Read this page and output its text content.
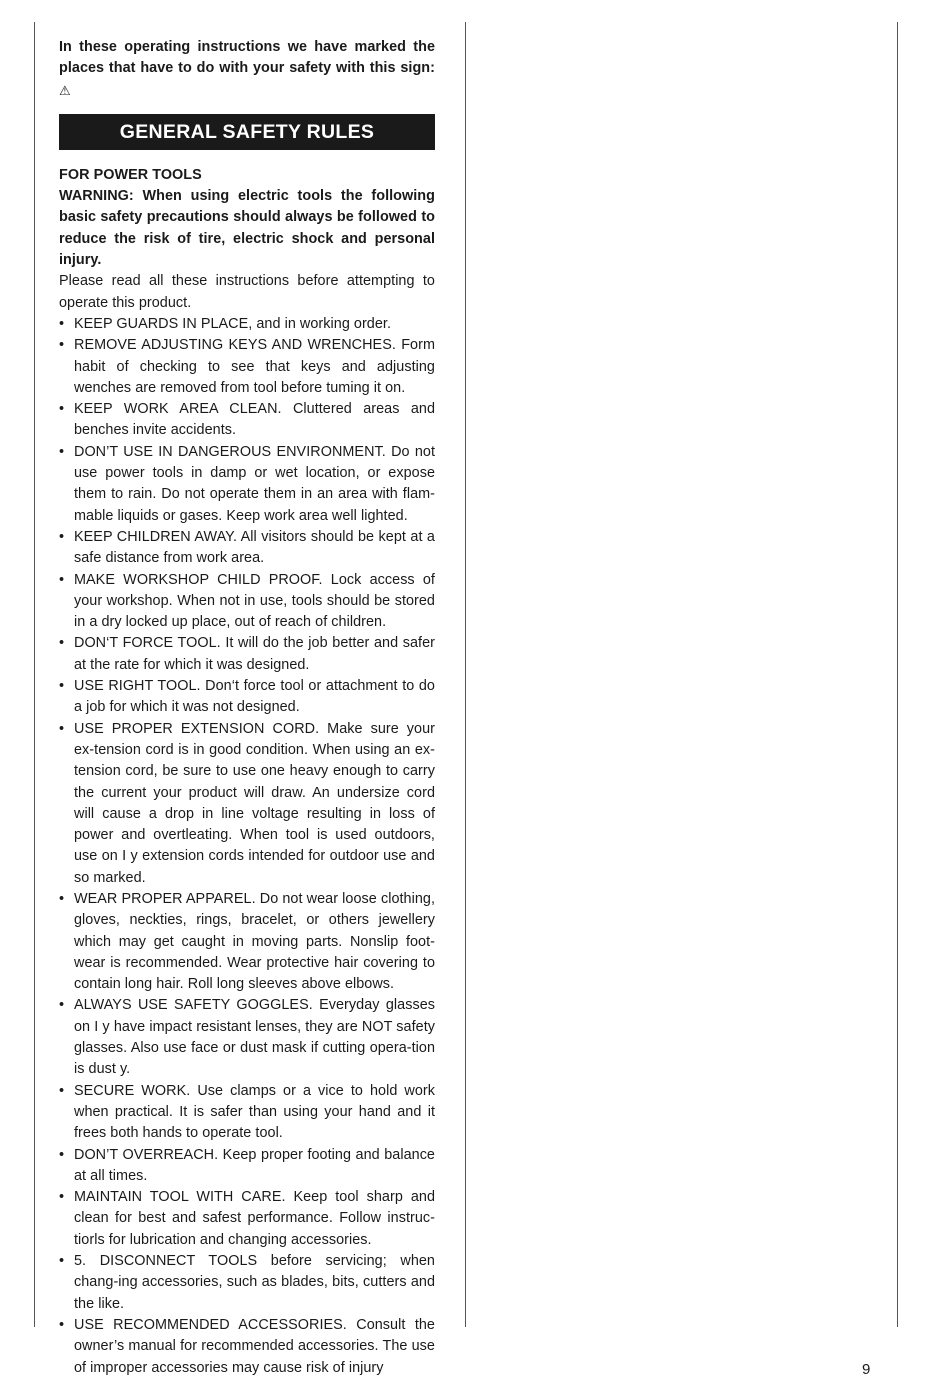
In these operating instructions we have marked the places that have to do with your safety with this sign: ⚠

GENERAL SAFETY RULES
FOR POWER TOOLS
WARNING: When using electric tools the following basic safety precautions should always be followed to reduce the risk of tire, electric shock and personal injury.
Please read all these instructions before attempting to operate this product.
• KEEP GUARDS IN PLACE, and in working order.
• REMOVE ADJUSTING KEYS AND WRENCHES. Form habit of checking to see that keys and adjusting wenches are removed from tool before tuming it on.
• KEEP WORK AREA CLEAN. Cluttered areas and benches invite accidents.
• DON’T USE IN DANGEROUS ENVIRONMENT. Do not use power tools in damp or wet location, or expose them to rain. Do not operate them in an area with flam-mable liquids or gases. Keep work area well lighted.
• KEEP CHILDREN AWAY. All visitors should be kept at a safe distance from work area.
• MAKE WORKSHOP CHILD PROOF. Lock access of your workshop. When not in use, tools should be stored in a dry locked up place, out of reach of children.
• DON‘T FORCE TOOL. It will do the job better and safer at the rate for which it was designed.
• USE RIGHT TOOL. Don‘t force tool or attachment to do a job for which it was not designed.
• USE PROPER EXTENSION CORD. Make sure your ex-tension cord is in good condition. When using an ex-tension cord, be sure to use one heavy enough to carry the current your product will draw. An undersize cord will cause a drop in line voltage resulting in loss of power and overtleating. When tool is used outdoors, use on I y extension cords intended for outdoor use and so marked.
• WEAR PROPER APPAREL. Do not wear loose clothing, gloves, neckties, rings, bracelet, or others jewellery which may get caught in moving parts. Nonslip foot-wear is recommended. Wear protective hair covering to contain long hair. Roll long sleeves above elbows.
• ALWAYS USE SAFETY GOGGLES. Everyday glasses on I y have impact resistant lenses, they are NOT safety glasses. Also use face or dust mask if cutting opera-tion is dust y.
• SECURE WORK. Use clamps or a vice to hold work when practical. It is safer than using your hand and it frees both hands to operate tool.
• DON’T OVERREACH. Keep proper footing and balance at all times.
• MAINTAIN TOOL WITH CARE. Keep tool sharp and clean for best and safest performance. Follow instruc-tiorls for lubrication and changing accessories.
• 5. DISCONNECT TOOLS before servicing; when chang-ing accessories, such as blades, bits, cutters and the like.
• USE RECOMMENDED ACCESSORIES. Consult the owner’s manual for recommended accessories. The use of improper accessories may cause risk of injury	9
